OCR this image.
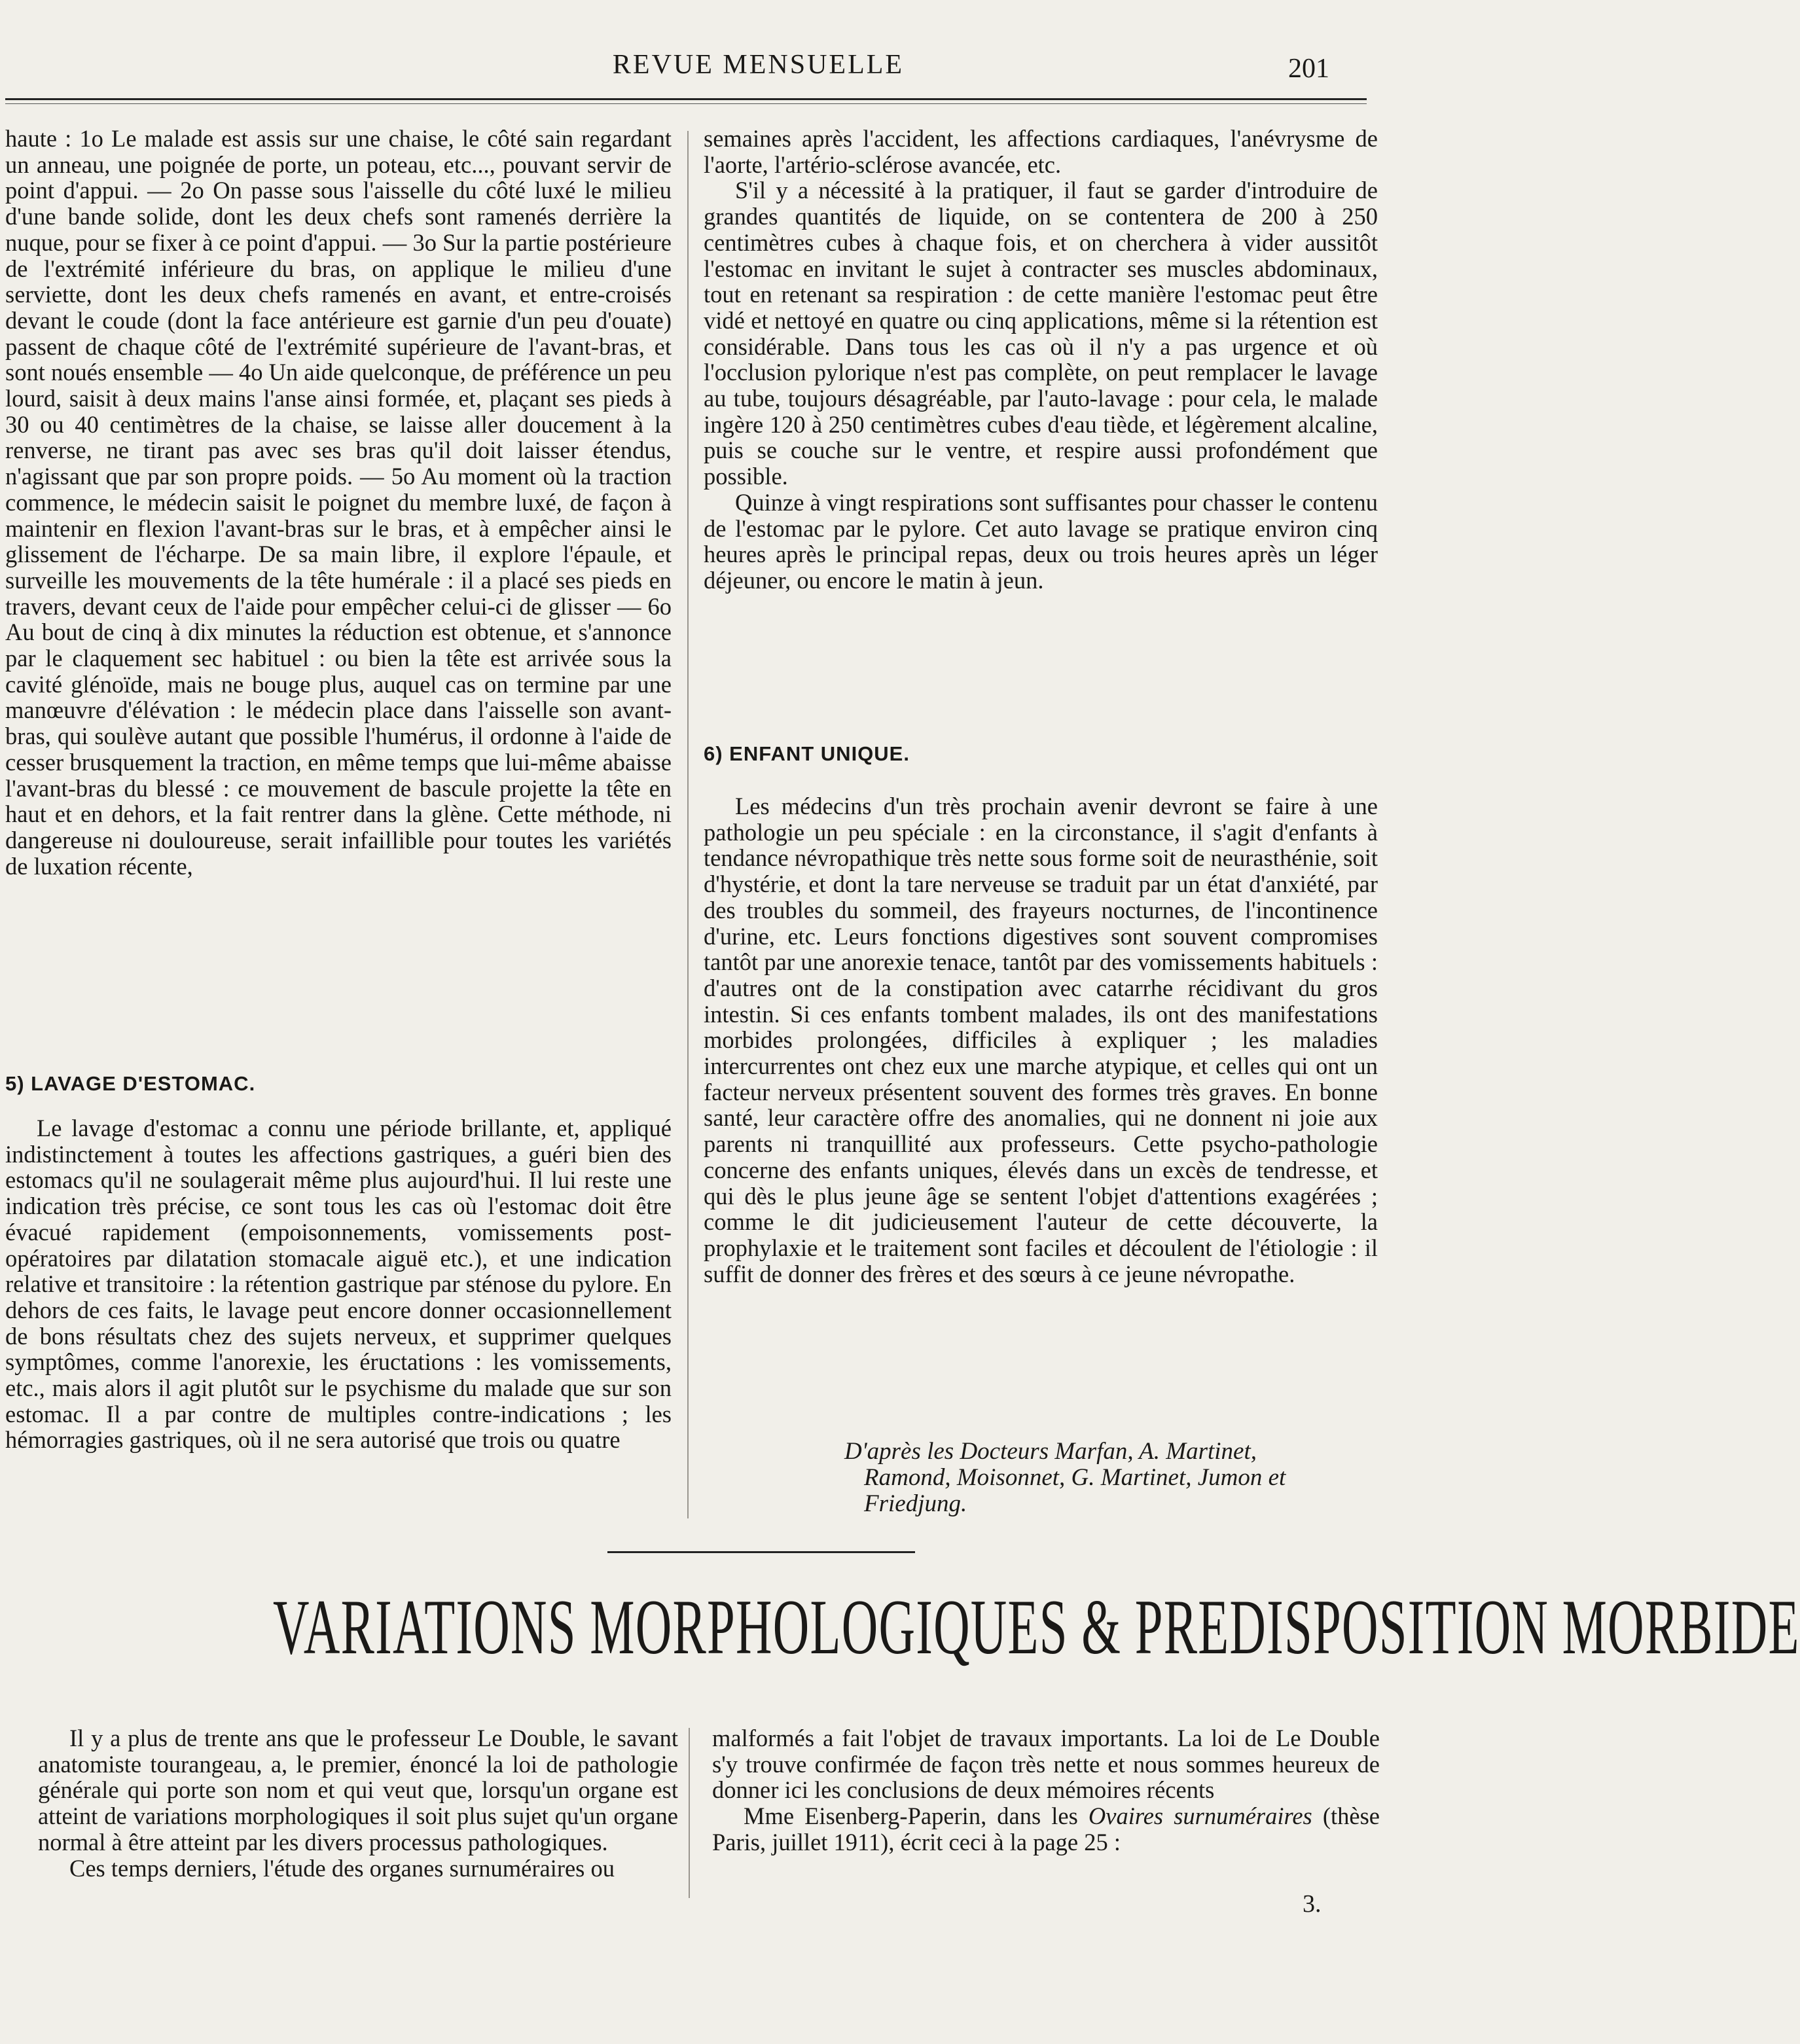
REVUE MENSUELLE	201

haute : 1o Le malade est assis sur une chaise, le côté sain regardant un anneau, une poignée de porte, un poteau, etc..., pouvant servir de point d'appui. — 2o On passe sous l'aisselle du côté luxé le milieu d'une bande solide, dont les deux chefs sont ramenés derrière la nuque, pour se fixer à ce point d'appui. — 3o Sur la partie postérieure de l'extrémité inférieure du bras, on applique le milieu d'une serviette, dont les deux chefs ramenés en avant, et entre-croisés devant le coude (dont la face antérieure est garnie d'un peu d'ouate) passent de chaque côté de l'extrémité supérieure de l'avant-bras, et sont noués ensemble — 4o Un aide quelconque, de préférence un peu lourd, saisit à deux mains l'anse ainsi formée, et, plaçant ses pieds à 30 ou 40 centimètres de la chaise, se laisse aller doucement à la renverse, ne tirant pas avec ses bras qu'il doit laisser étendus, n'agissant que par son propre poids. — 5o Au moment où la traction commence, le médecin saisit le poignet du membre luxé, de façon à maintenir en flexion l'avant-bras sur le bras, et à empêcher ainsi le glissement de l'écharpe. De sa main libre, il explore l'épaule, et surveille les mouvements de la tête humérale : il a placé ses pieds en travers, devant ceux de l'aide pour empêcher celui-ci de glisser — 6o Au bout de cinq à dix minutes la réduction est obtenue, et s'annonce par le claquement sec habituel : ou bien la tête est arrivée sous la cavité glénoïde, mais ne bouge plus, auquel cas on termine par une manœuvre d'élévation : le médecin place dans l'aisselle son avant-bras, qui soulève autant que possible l'humérus, il ordonne à l'aide de cesser brusquement la traction, en même temps que lui-même abaisse l'avant-bras du blessé : ce mouvement de bascule projette la tête en haut et en dehors, et la fait rentrer dans la glène. Cette méthode, ni dangereuse ni douloureuse, serait infaillible pour toutes les variétés de luxation récente,

5) LAVAGE D'ESTOMAC.

Le lavage d'estomac a connu une période brillante, et, appliqué indistinctement à toutes les affections gastriques, a guéri bien des estomacs qu'il ne soulagerait même plus aujourd'hui. Il lui reste une indication très précise, ce sont tous les cas où l'estomac doit être évacué rapidement (empoisonnements, vomissements post-opératoires par dilatation stomacale aiguë etc.), et une indication relative et transitoire : la rétention gastrique par sténose du pylore. En dehors de ces faits, le lavage peut encore donner occasionnellement de bons résultats chez des sujets nerveux, et supprimer quelques symptômes, comme l'anorexie, les éructations : les vomissements, etc., mais alors il agit plutôt sur le psychisme du malade que sur son estomac. Il a par contre de multiples contre-indications ; les hémorragies gastriques, où il ne sera autorisé que trois ou quatre

semaines après l'accident, les affections cardiaques, l'anévrysme de l'aorte, l'artério-sclérose avancée, etc.

S'il y a nécessité à la pratiquer, il faut se garder d'introduire de grandes quantités de liquide, on se contentera de 200 à 250 centimètres cubes à chaque fois, et on cherchera à vider aussitôt l'estomac en invitant le sujet à contracter ses muscles abdominaux, tout en retenant sa respiration : de cette manière l'estomac peut être vidé et nettoyé en quatre ou cinq applications, même si la rétention est considérable. Dans tous les cas où il n'y a pas urgence et où l'occlusion pylorique n'est pas complète, on peut remplacer le lavage au tube, toujours désagréable, par l'auto-lavage : pour cela, le malade ingère 120 à 250 centimètres cubes d'eau tiède, et légèrement alcaline, puis se couche sur le ventre, et respire aussi profondément que possible.

Quinze à vingt respirations sont suffisantes pour chasser le contenu de l'estomac par le pylore. Cet auto lavage se pratique environ cinq heures après le principal repas, deux ou trois heures après un léger déjeuner, ou encore le matin à jeun.

6) ENFANT UNIQUE.

Les médecins d'un très prochain avenir devront se faire à une pathologie un peu spéciale : en la circonstance, il s'agit d'enfants à tendance névropathique très nette sous forme soit de neurasthénie, soit d'hystérie, et dont la tare nerveuse se traduit par un état d'anxiété, par des troubles du sommeil, des frayeurs nocturnes, de l'incontinence d'urine, etc. Leurs fonctions digestives sont souvent compromises tantôt par une anorexie tenace, tantôt par des vomissements habituels : d'autres ont de la constipation avec catarrhe récidivant du gros intestin. Si ces enfants tombent malades, ils ont des manifestations morbides prolongées, difficiles à expliquer ; les maladies intercurrentes ont chez eux une marche atypique, et celles qui ont un facteur nerveux présentent souvent des formes très graves. En bonne santé, leur caractère offre des anomalies, qui ne donnent ni joie aux parents ni tranquillité aux professeurs. Cette psycho-pathologie concerne des enfants uniques, élevés dans un excès de tendresse, et qui dès le plus jeune âge se sentent l'objet d'attentions exagérées ; comme le dit judicieusement l'auteur de cette découverte, la prophylaxie et le traitement sont faciles et découlent de l'étiologie : il suffit de donner des frères et des sœurs à ce jeune névropathe.

D'après les Docteurs Marfan, A. Martinet,
Ramond, Moisonnet, G. Martinet, Jumon et
Friedjung.
VARIATIONS MORPHOLOGIQUES & PREDISPOSITION MORBIDE

Il y a plus de trente ans que le professeur Le Double, le savant anatomiste tourangeau, a, le premier, énoncé la loi de pathologie générale qui porte son nom et qui veut que, lorsqu'un organe est atteint de variations morphologiques il soit plus sujet qu'un organe normal à être atteint par les divers processus pathologiques.

Ces temps derniers, l'étude des organes surnuméraires ou

malformés a fait l'objet de travaux importants. La loi de Le Double s'y trouve confirmée de façon très nette et nous sommes heureux de donner ici les conclusions de deux mémoires récents

Mme Eisenberg-Paperin, dans les Ovaires surnuméraires (thèse Paris, juillet 1911), écrit ceci à la page 25 :

3.
